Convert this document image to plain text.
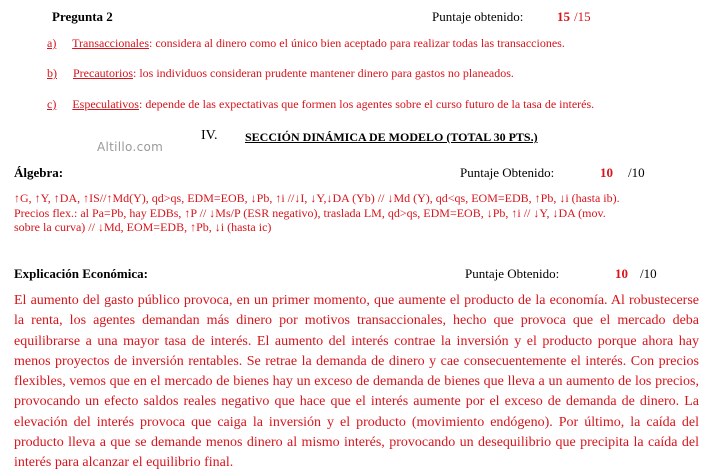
Pregunta 2	Puntaje obtenido:	15 /15
a) Transaccionales: considera al dinero como el único bien aceptado para realizar todas las transacciones.
b) Precautorios: los individuos consideran prudente mantener dinero para gastos no planeados.
c) Especulativos: depende de las expectativas que formen los agentes sobre el curso futuro de la tasa de interés.
Altillo.com
IV. SECCIÓN DINÁMICA DE MODELO (TOTAL 30 PTS.)
Álgebra:	Puntaje Obtenido:	10 /10
↑G, ↑Y, ↑DA, ↑IS//↑Md(Y), qd>qs, EDM=EOB, ↓Pb, ↑i //↓I, ↓Y,↓DA (Yb) // ↓Md (Y), qd<qs, EOM=EDB, ↑Pb, ↓i (hasta ib).
Precios flex.: al Pa=Pb, hay EDBs, ↑P // ↓Ms/P (ESR negativo), traslada LM, qd>qs, EDM=EOB, ↓Pb, ↑i // ↓Y, ↓DA (mov.
sobre la curva) // ↓Md, EOM=EDB, ↑Pb, ↓i (hasta ic)
Explicación Económica:	Puntaje Obtenido:	10 /10
El aumento del gasto público provoca, en un primer momento, que aumente el producto de la economía. Al robustecerse la renta, los agentes demandan más dinero por motivos transaccionales, hecho que provoca que el mercado deba equilibrarse a una mayor tasa de interés. El aumento del interés contrae la inversión y el producto porque ahora hay menos proyectos de inversión rentables. Se retrae la demanda de dinero y cae consecuentemente el interés. Con precios flexibles, vemos que en el mercado de bienes hay un exceso de demanda de bienes que lleva a un aumento de los precios, provocando un efecto saldos reales negativo que hace que el interés aumente por el exceso de demanda de dinero. La elevación del interés provoca que caiga la inversión y el producto (movimiento endógeno). Por último, la caída del producto lleva a que se demande menos dinero al mismo interés, provocando un desequilibrio que precipita la caída del interés para alcanzar el equilibrio final.
